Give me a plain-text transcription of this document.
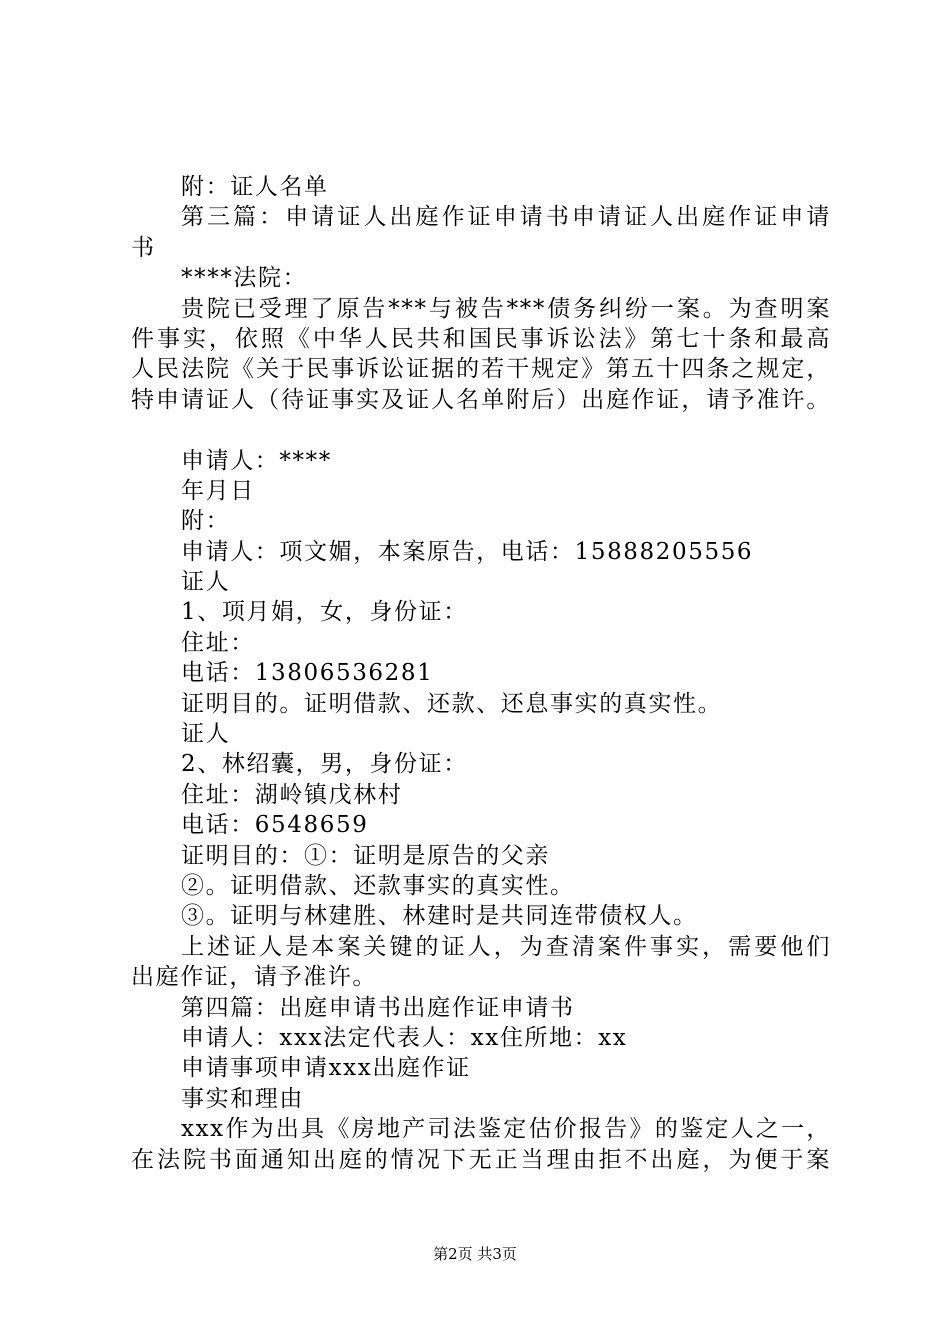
附：证人名单
第三篇：申请证人出庭作证申请书申请证人出庭作证申请
书
****法院：
贵院已受理了原告***与被告***债务纠纷一案。为查明案
件事实，依照《中华人民共和国民事诉讼法》第七十条和最高
人民法院《关于民事诉讼证据的若干规定》第五十四条之规定，
特申请证人（待证事实及证人名单附后）出庭作证，请予准许。
申请人：****
年月日
附：
申请人：项文媚，本案原告，电话：15888205556
证人
1、项月娟，女，身份证：
住址：
电话：13806536281
证明目的。证明借款、还款、还息事实的真实性。
证人
2、林绍囊，男，身份证：
住址：湖岭镇戊林村
电话：6548659
证明目的：①：证明是原告的父亲
②。证明借款、还款事实的真实性。
③。证明与林建胜、林建时是共同连带债权人。
上述证人是本案关键的证人，为查清案件事实，需要他们
出庭作证，请予准许。
第四篇：出庭申请书出庭作证申请书
申请人：xxx法定代表人：xx住所地：xx
申请事项申请xxx出庭作证
事实和理由
xxx作为出具《房地产司法鉴定估价报告》的鉴定人之一，
在法院书面通知出庭的情况下无正当理由拒不出庭，为便于案
第2页 共3页
